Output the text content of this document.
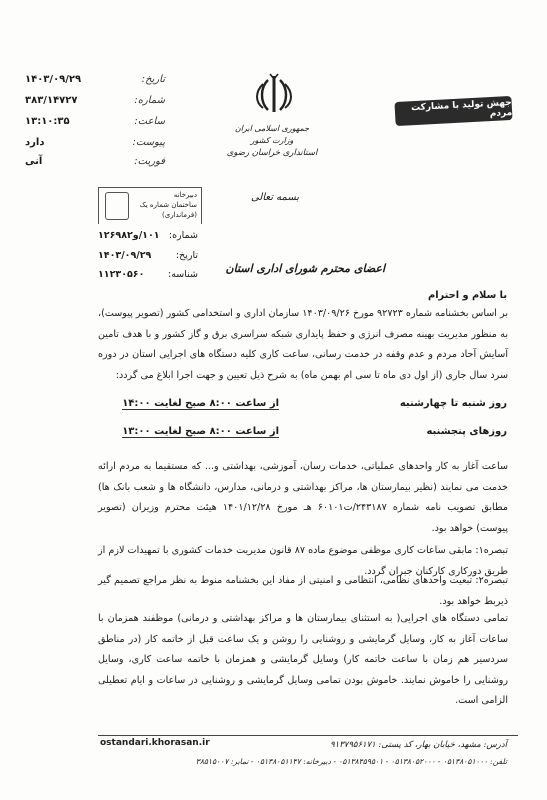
تاریخ:
۱۴۰۳/۰۹/۲۹
شماره:
۳۸۳/۱۴۷۲۷
ساعت:
۱۳:۱۰:۳۵
پیوست:
دارد
فوریت:
آنی
جمهوری اسلامی ایران
وزارت کشور
استانداری خراسان رضوی
جهش تولید با مشارکت مردم
دبیرخانه
ساختمان شماره یک
(فرمانداری)
شماره:
۱۰۱/و۱۲۶۹۸۲
تاریخ:
۱۴۰۳/۰۹/۲۹
شناسه:
۱۱۲۳۰۵۶۰
بسمه تعالی
اعضای محترم شورای اداری استان
با سلام و احترام
بر اساس بخشنامه شماره ۹۲۷۲۳ مورخ ۱۴۰۳/۰۹/۲۶ سازمان اداری و استخدامی کشور (تصویر پیوست)، به منظور مدیریت بهینه مصرف انرژی و حفظ پایداری شبکه سراسری برق و گاز کشور و با هدف تامین آسایش آحاد مردم و عدم وقفه در خدمت رسانی، ساعت کاری کلیه دستگاه های اجرایی استان در دوره سرد سال جاری (از اول دی ماه تا سی ام بهمن ماه) به شرح ذیل تعیین و جهت اجرا ابلاغ می گردد:
روز شنبه تا چهارشنبه
از ساعت ۸:۰۰ صبح لغایت ۱۴:۰۰
روزهای پنجشنبه
از ساعت ۸:۰۰ صبح لغایت ۱۳:۰۰
ساعت آغاز به کار واحدهای عملیاتی، خدمات رسان، آموزشی، بهداشتی و... که مستقیما به مردم ارائه خدمت می نمایند (نظیر بیمارستان ها، مراکز بهداشتی و درمانی، مدارس، دانشگاه ها و شعب بانک ها) مطابق تصویب نامه شماره ۲۴۳۱۸۷/ت۶۰۱۰۱ هـ مورخ ۱۴۰۱/۱۲/۲۸ هیئت محترم وزیران (تصویر پیوست) خواهد بود.
تبصره۱: مابقی ساعات کاری موظفی موضوع ماده ۸۷ قانون مدیریت خدمات کشوری با تمهیدات لازم از طریق دورکاری کارکنان جبران گردد.
تبصره۲: تبعیت واحدهای نظامی، انتظامی و امنیتی از مفاد این بخشنامه منوط به نظر مراجع تصمیم گیر ذیربط خواهد بود.
تمامی دستگاه های اجرایی( به استثنای بیمارستان ها و مراکز بهداشتی و درمانی) موظفند همزمان با ساعات آغاز به کار، وسایل گرمایشی و روشنایی را روشن و یک ساعت قبل از خاتمه کار (در مناطق سردسیر هم زمان با ساعت خاتمه کار) وسایل گرمایشی و همزمان با خاتمه ساعت کاری، وسایل روشنایی را خاموش نمایند. خاموش بودن تمامی وسایل گرمایشی و روشنایی در ساعات و ایام تعطیلی الزامی است.
ostandari.khorasan.ir	آدرس: مشهد، خیابان بهار، کد پستی: ۹۱۳۷۹۵۶۱۷۱
تلفن: ۰۵۱۳۸۰۵۱۰۰۰ - ۰۵۱۳۸۰۵۲۰۰۰ - ۰۵۱۳۸۴۵۹۵۰۱ - دبیرخانه: ۰۵۱۳۸۰۵۱۱۴۷ - نمابر: ۳۸۵۱۵۰۰۷
